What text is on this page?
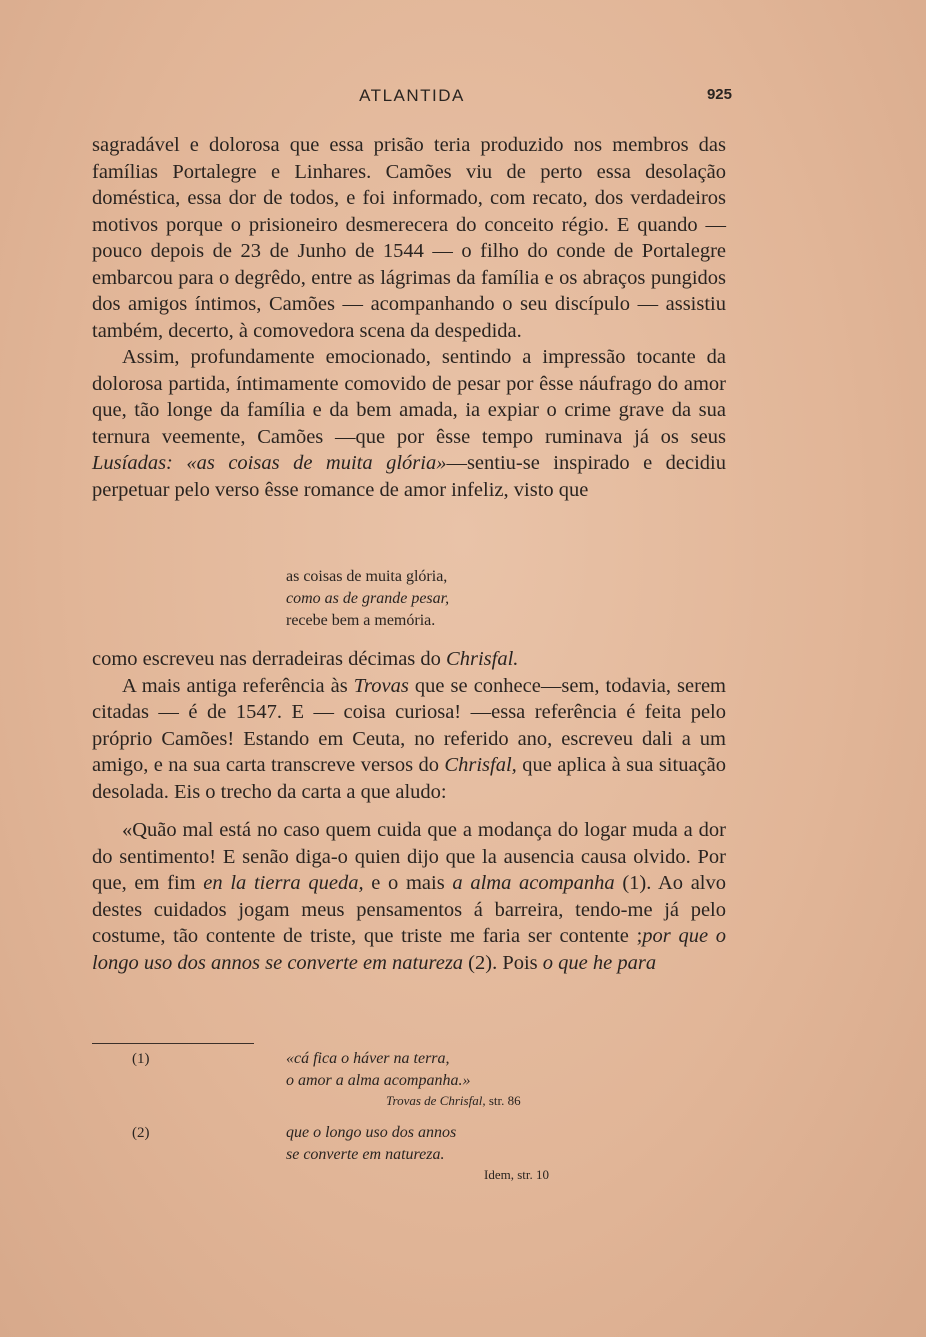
ATLANTIDA	925

sagradável e dolorosa que essa prisão teria produzido nos membros das famílias Portalegre e Linhares. Camões viu de perto essa desolação doméstica, essa dor de todos, e foi informado, com recato, dos verdadeiros motivos porque o prisioneiro desmerecera do conceito régio. E quando — pouco depois de 23 de Junho de 1544 — o filho do conde de Portalegre embarcou para o degrêdo, entre as lágrimas da família e os abraços pungidos dos amigos íntimos, Camões — acompanhando o seu discípulo — assistiu também, decerto, à comovedora scena da despedida.

Assim, profundamente emocionado, sentindo a impressão tocante da dolorosa partida, íntimamente comovido de pesar por êsse náufrago do amor que, tão longe da família e da bem amada, ia expiar o crime grave da sua ternura veemente, Camões —que por êsse tempo ruminava já os seus Lusíadas: «as coisas de muita glória»—sentiu-se inspirado e decidiu perpetuar pelo verso êsse romance de amor infeliz, visto que

as coisas de muita glória,
como as de grande pesar,
recebe bem a memória.

como escreveu nas derradeiras décimas do Chrisfal.

A mais antiga referência às Trovas que se conhece—sem, todavia, serem citadas — é de 1547. E — coisa curiosa! —essa referência é feita pelo próprio Camões! Estando em Ceuta, no referido ano, escreveu dali a um amigo, e na sua carta transcreve versos do Chrisfal, que aplica à sua situação desolada. Eis o trecho da carta a que aludo:

«Quão mal está no caso quem cuida que a modança do logar muda a dor do sentimento! E senão diga-o quien dijo que la ausencia causa olvido. Por que, em fim en la tierra queda, e o mais a alma acompanha (1). Ao alvo destes cuidados jogam meus pensamentos á barreira, tendo-me já pelo costume, tão contente de triste, que triste me faria ser contente ;por que o longo uso dos annos se converte em natureza (2). Pois o que he para

(1)	«cá fica o háver na terra,
o amor a alma acompanha.»
Trovas de Chrisfal, str. 86
(2)	que o longo uso dos annos
se converte em natureza.
Idem, str. 10
